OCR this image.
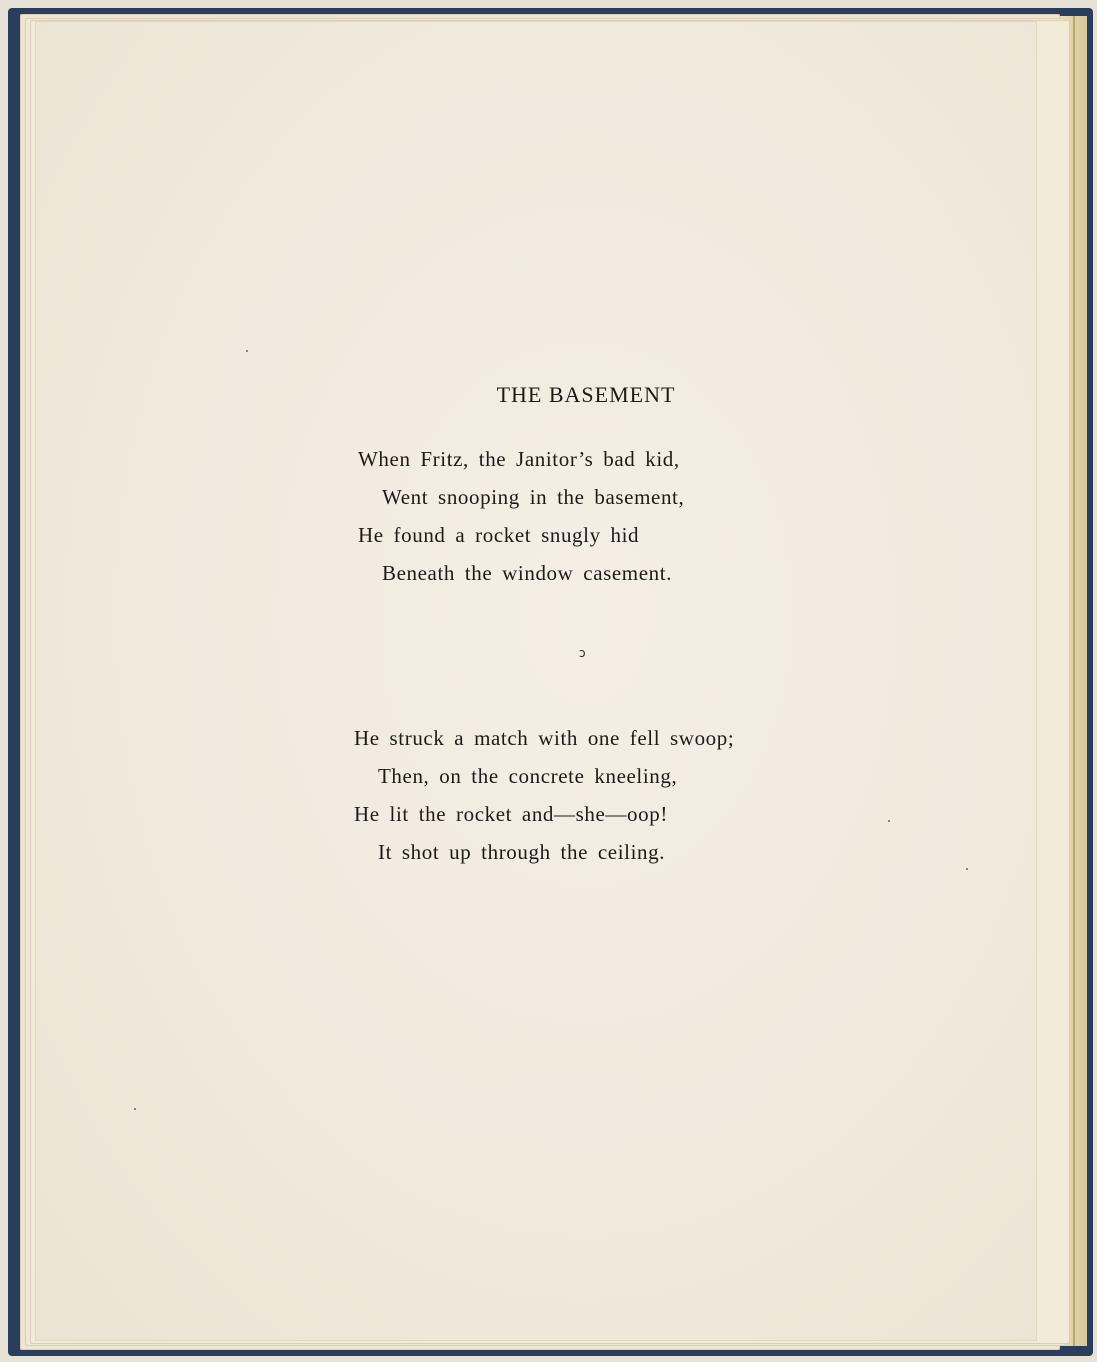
THE BASEMENT
When Fritz, the Janitor’s bad kid,
Went snooping in the basement,
He found a rocket snugly hid
Beneath the window casement.
ɔ
He struck a match with one fell swoop;
Then, on the concrete kneeling,
He lit the rocket and—she—oop!
It shot up through the ceiling.
